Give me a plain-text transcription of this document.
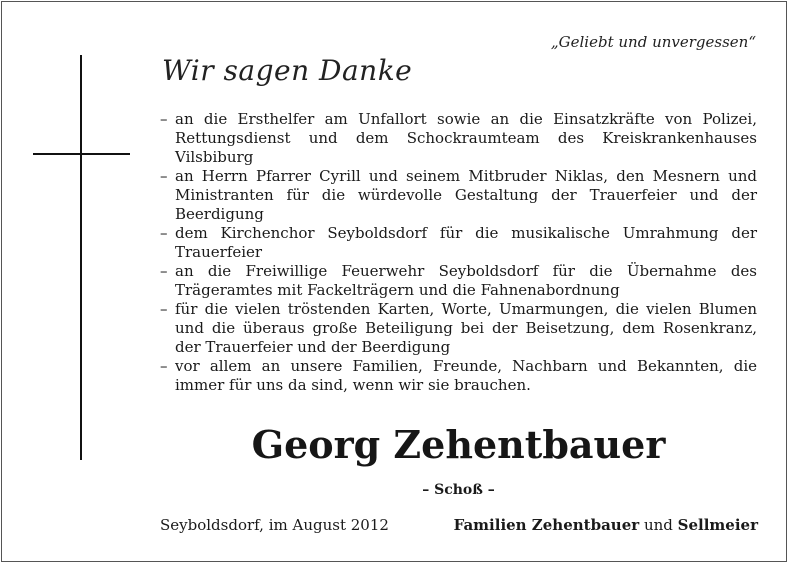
„Geliebt und unvergessen“
Wir sagen Danke
– an die Ersthelfer am Unfallort sowie an die Einsatzkräfte von Polizei, Rettungsdienst und dem Schockraumteam des Kreiskrankenhauses Vilsbiburg
– an Herrn Pfarrer Cyrill und seinem Mitbruder Niklas, den Mesnern und Ministranten für die würdevolle Gestaltung der Trauerfeier und der Beerdigung
– dem Kirchenchor Seyboldsdorf für die musikalische Umrahmung der Trauerfeier
– an die Freiwillige Feuerwehr Seyboldsdorf für die Übernahme des Trägeramtes mit Fackelträgern und die Fahnenabordnung
– für die vielen tröstenden Karten, Worte, Umarmungen, die vielen Blumen und die überaus große Beteiligung bei der Beisetzung, dem Rosenkranz, der Trauerfeier und der Beerdigung
– vor allem an unsere Familien, Freunde, Nachbarn und Bekannten, die immer für uns da sind, wenn wir sie brauchen.
Georg Zehentbauer
– Schoß –
Seyboldsdorf, im August 2012	Familien Zehentbauer und Sellmeier
